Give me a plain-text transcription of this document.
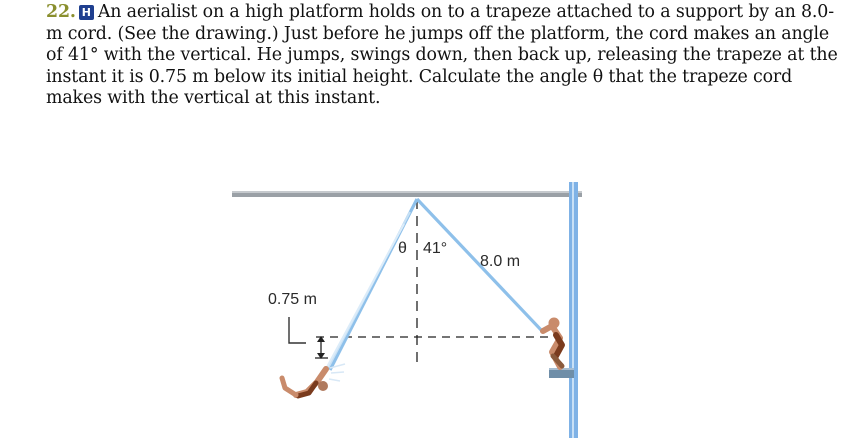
22. H An aerialist on a high platform holds on to a trapeze attached to a support by an 8.0-m cord. (See the drawing.) Just before he jumps off the platform, the cord makes an angle of 41° with the vertical. He jumps, swings down, then back up, releasing the trapeze at the instant it is 0.75 m below its initial height. Calculate the angle θ that the trapeze cord makes with the vertical at this instant.
θ 41°
8.0 m
0.75 m
